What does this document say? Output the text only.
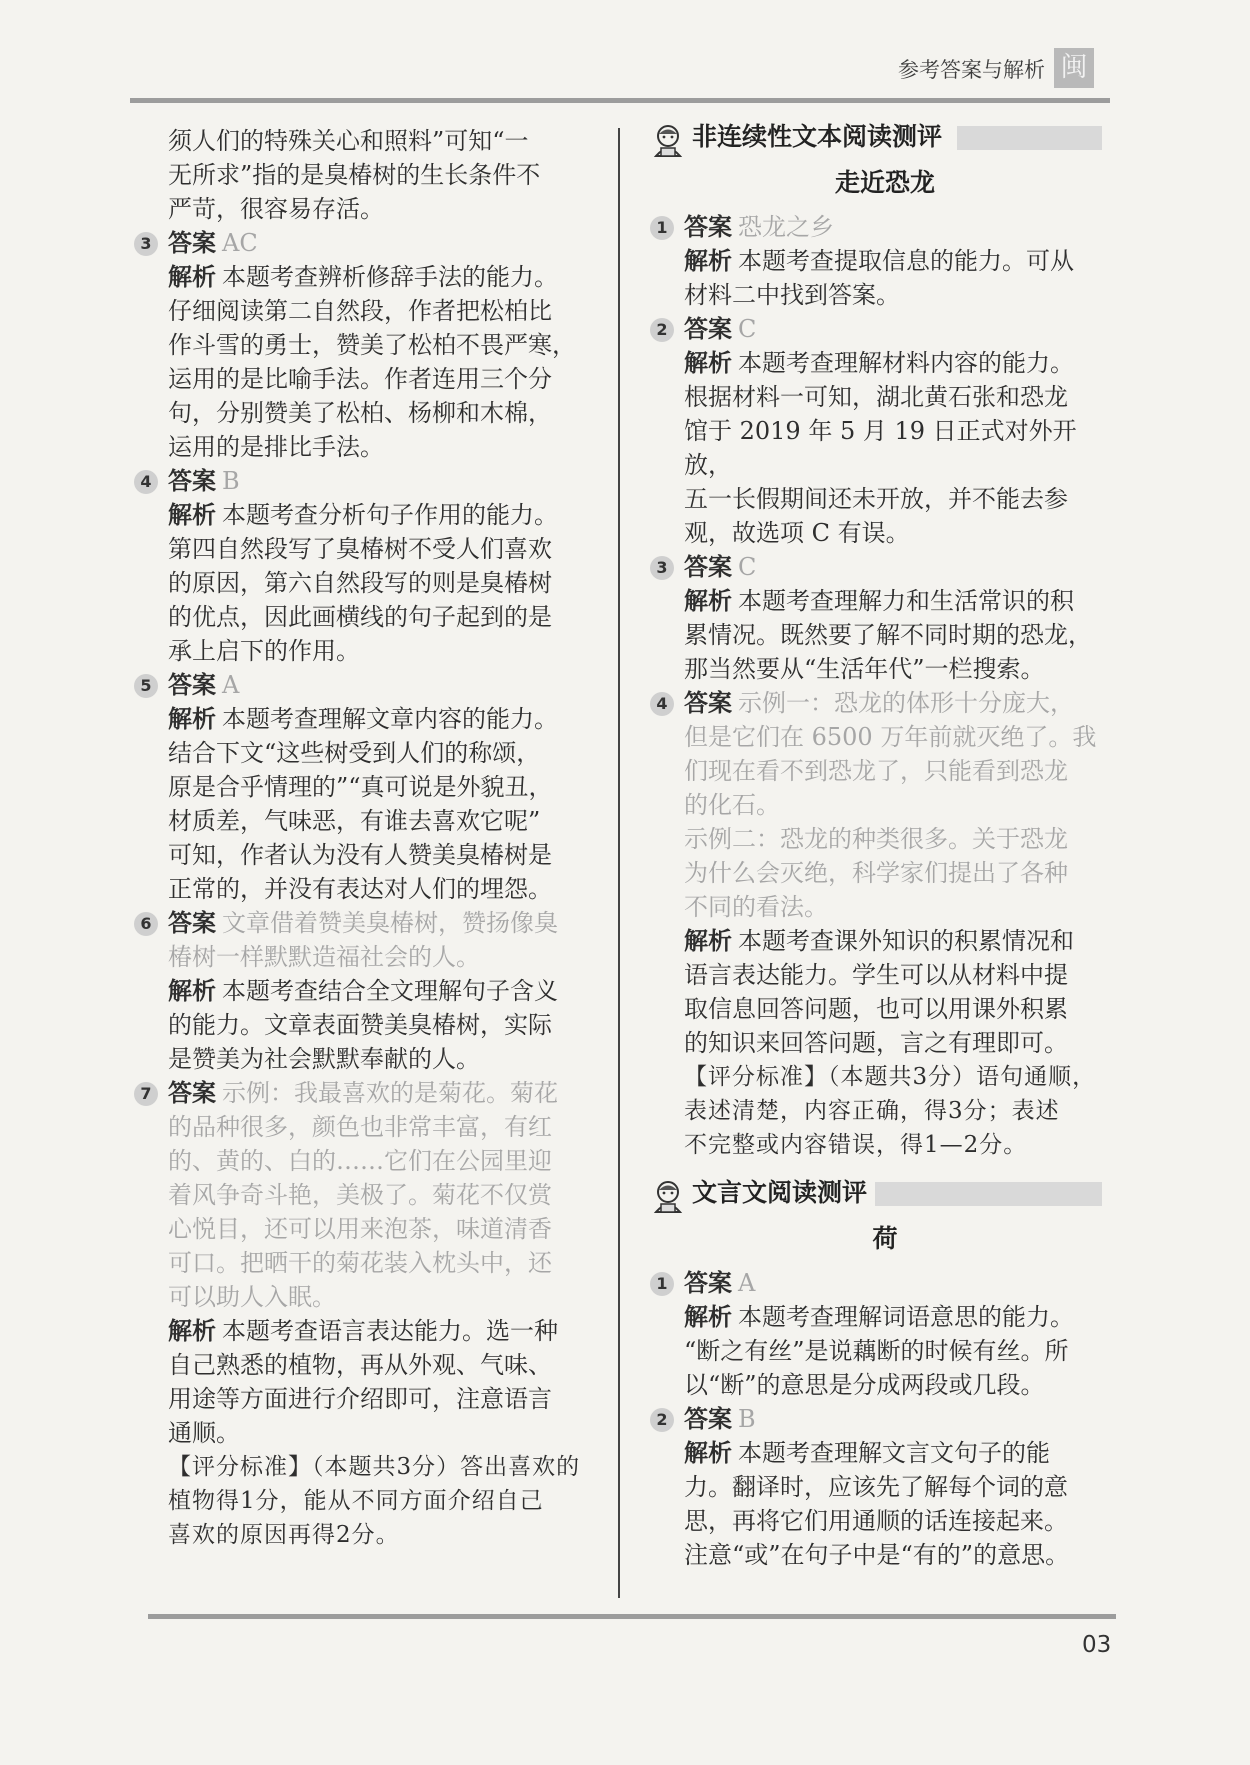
参考答案与解析 闽

须人们的特殊关心和照料”可知“一

无所求”指的是臭椿树的生长条件不

严苛，很容易存活。

3 答案 AC

解析 本题考查辨析修辞手法的能力。

仔细阅读第二自然段，作者把松柏比

作斗雪的勇士，赞美了松柏不畏严寒，

运用的是比喻手法。作者连用三个分

句，分别赞美了松柏、杨柳和木棉，

运用的是排比手法。

4 答案 B

解析 本题考查分析句子作用的能力。

第四自然段写了臭椿树不受人们喜欢

的原因，第六自然段写的则是臭椿树

的优点，因此画横线的句子起到的是

承上启下的作用。

5 答案 A

解析 本题考查理解文章内容的能力。

结合下文“这些树受到人们的称颂，

原是合乎情理的”“真可说是外貌丑，

材质差，气味恶，有谁去喜欢它呢”

可知，作者认为没有人赞美臭椿树是

正常的，并没有表达对人们的埋怨。

6 答案 文章借着赞美臭椿树，赞扬像臭

椿树一样默默造福社会的人。

解析 本题考查结合全文理解句子含义

的能力。文章表面赞美臭椿树，实际

是赞美为社会默默奉献的人。

7 答案 示例：我最喜欢的是菊花。菊花

的品种很多，颜色也非常丰富，有红

的、黄的、白的……它们在公园里迎

着风争奇斗艳，美极了。菊花不仅赏

心悦目，还可以用来泡茶，味道清香

可口。把晒干的菊花装入枕头中，还

可以助人入眠。

解析 本题考查语言表达能力。选一种

自己熟悉的植物，再从外观、气味、

用途等方面进行介绍即可，注意语言

通顺。

【评分标准】（本题共3分）答出喜欢的

植物得1分，能从不同方面介绍自己

喜欢的原因再得2分。

非连续性文本阅读测评
走近恐龙
1 答案 恐龙之乡

解析 本题考查提取信息的能力。可从

材料二中找到答案。

2 答案 C

解析 本题考查理解材料内容的能力。

根据材料一可知，湖北黄石张和恐龙

馆于 2019 年 5 月 19 日正式对外开放，

五一长假期间还未开放，并不能去参

观，故选项 C 有误。

3 答案 C

解析 本题考查理解力和生活常识的积

累情况。既然要了解不同时期的恐龙，

那当然要从“生活年代”一栏搜索。

4 答案 示例一：恐龙的体形十分庞大，

但是它们在 6500 万年前就灭绝了。我

们现在看不到恐龙了，只能看到恐龙

的化石。

示例二：恐龙的种类很多。关于恐龙

为什么会灭绝，科学家们提出了各种

不同的看法。

解析 本题考查课外知识的积累情况和

语言表达能力。学生可以从材料中提

取信息回答问题，也可以用课外积累

的知识来回答问题，言之有理即可。

【评分标准】（本题共3分）语句通顺，

表述清楚，内容正确，得3分；表述

不完整或内容错误，得1—2分。

文言文阅读测评
荷
1 答案 A

解析 本题考查理解词语意思的能力。

“断之有丝”是说藕断的时候有丝。所

以“断”的意思是分成两段或几段。

2 答案 B

解析 本题考查理解文言文句子的能

力。翻译时，应该先了解每个词的意

思，再将它们用通顺的话连接起来。

注意“或”在句子中是“有的”的意思。

03
